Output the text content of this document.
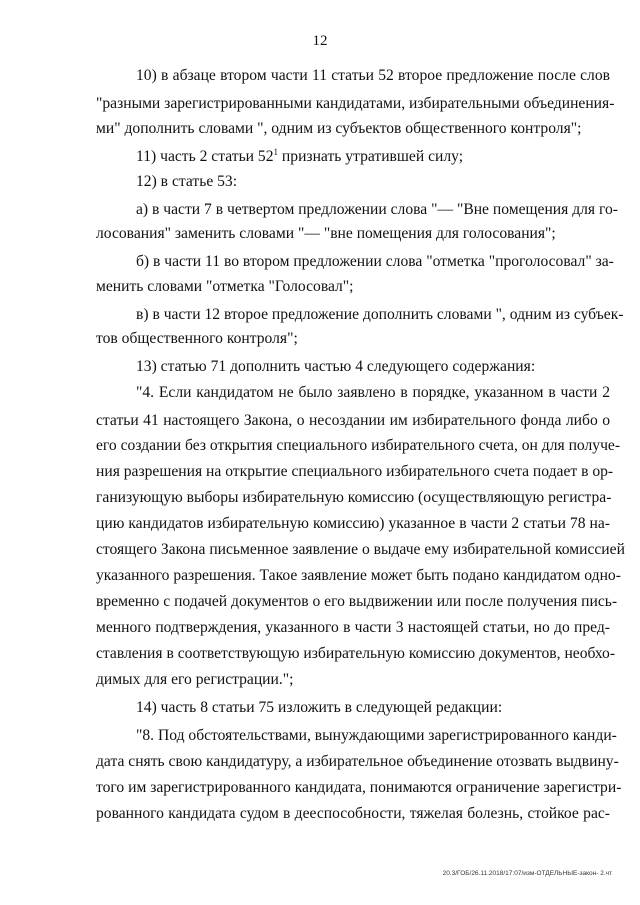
12
10) в абзаце втором части 11 статьи 52 второе предложение после слов
"разными зарегистрированными кандидатами, избирательными объединения-
ми" дополнить словами ", одним из субъектов общественного контроля";
11) часть 2 статьи $52^1$ признать утратившей силу;
12) в статье 53:
а) в части 7 в четвертом предложении слова "— "Вне помещения для го-
лосования" заменить словами "— "вне помещения для голосования";
б) в части 11 во втором предложении слова "отметка "проголосовал" за-
менить словами "отметка "Голосовал";
в) в части 12 второе предложение дополнить словами ", одним из субъек-
тов общественного контроля";
13) статью 71 дополнить частью 4 следующего содержания:
"4. Если кандидатом не было заявлено в порядке, указанном в части 2
статьи 41 настоящего Закона, о несоздании им избирательного фонда либо о
его создании без открытия специального избирательного счета, он для получе-
ния разрешения на открытие специального избирательного счета подает в ор-
ганизующую выборы избирательную комиссию (осуществляющую регистра-
цию кандидатов избирательную комиссию) указанное в части 2 статьи 78 на-
стоящего Закона письменное заявление о выдаче ему избирательной комиссией
указанного разрешения. Такое заявление может быть подано кандидатом одно-
временно с подачей документов о его выдвижении или после получения пись-
менного подтверждения, указанного в части 3 настоящей статьи, но до пред-
ставления в соответствующую избирательную комиссию документов, необхо-
димых для его регистрации.";
14) часть 8 статьи 75 изложить в следующей редакции:
"8. Под обстоятельствами, вынуждающими зарегистрированного канди-
дата снять свою кандидатуру, а избирательное объединение отозвать выдвину-
того им зарегистрированного кандидата, понимаются ограничение зарегистри-
рованного кандидата судом в дееспособности, тяжелая болезнь, стойкое рас-
20.3/ГОБ/26.11.2018/17:07/изм-ОТДЕЛЬНЫЕ-закон- 2.чт
